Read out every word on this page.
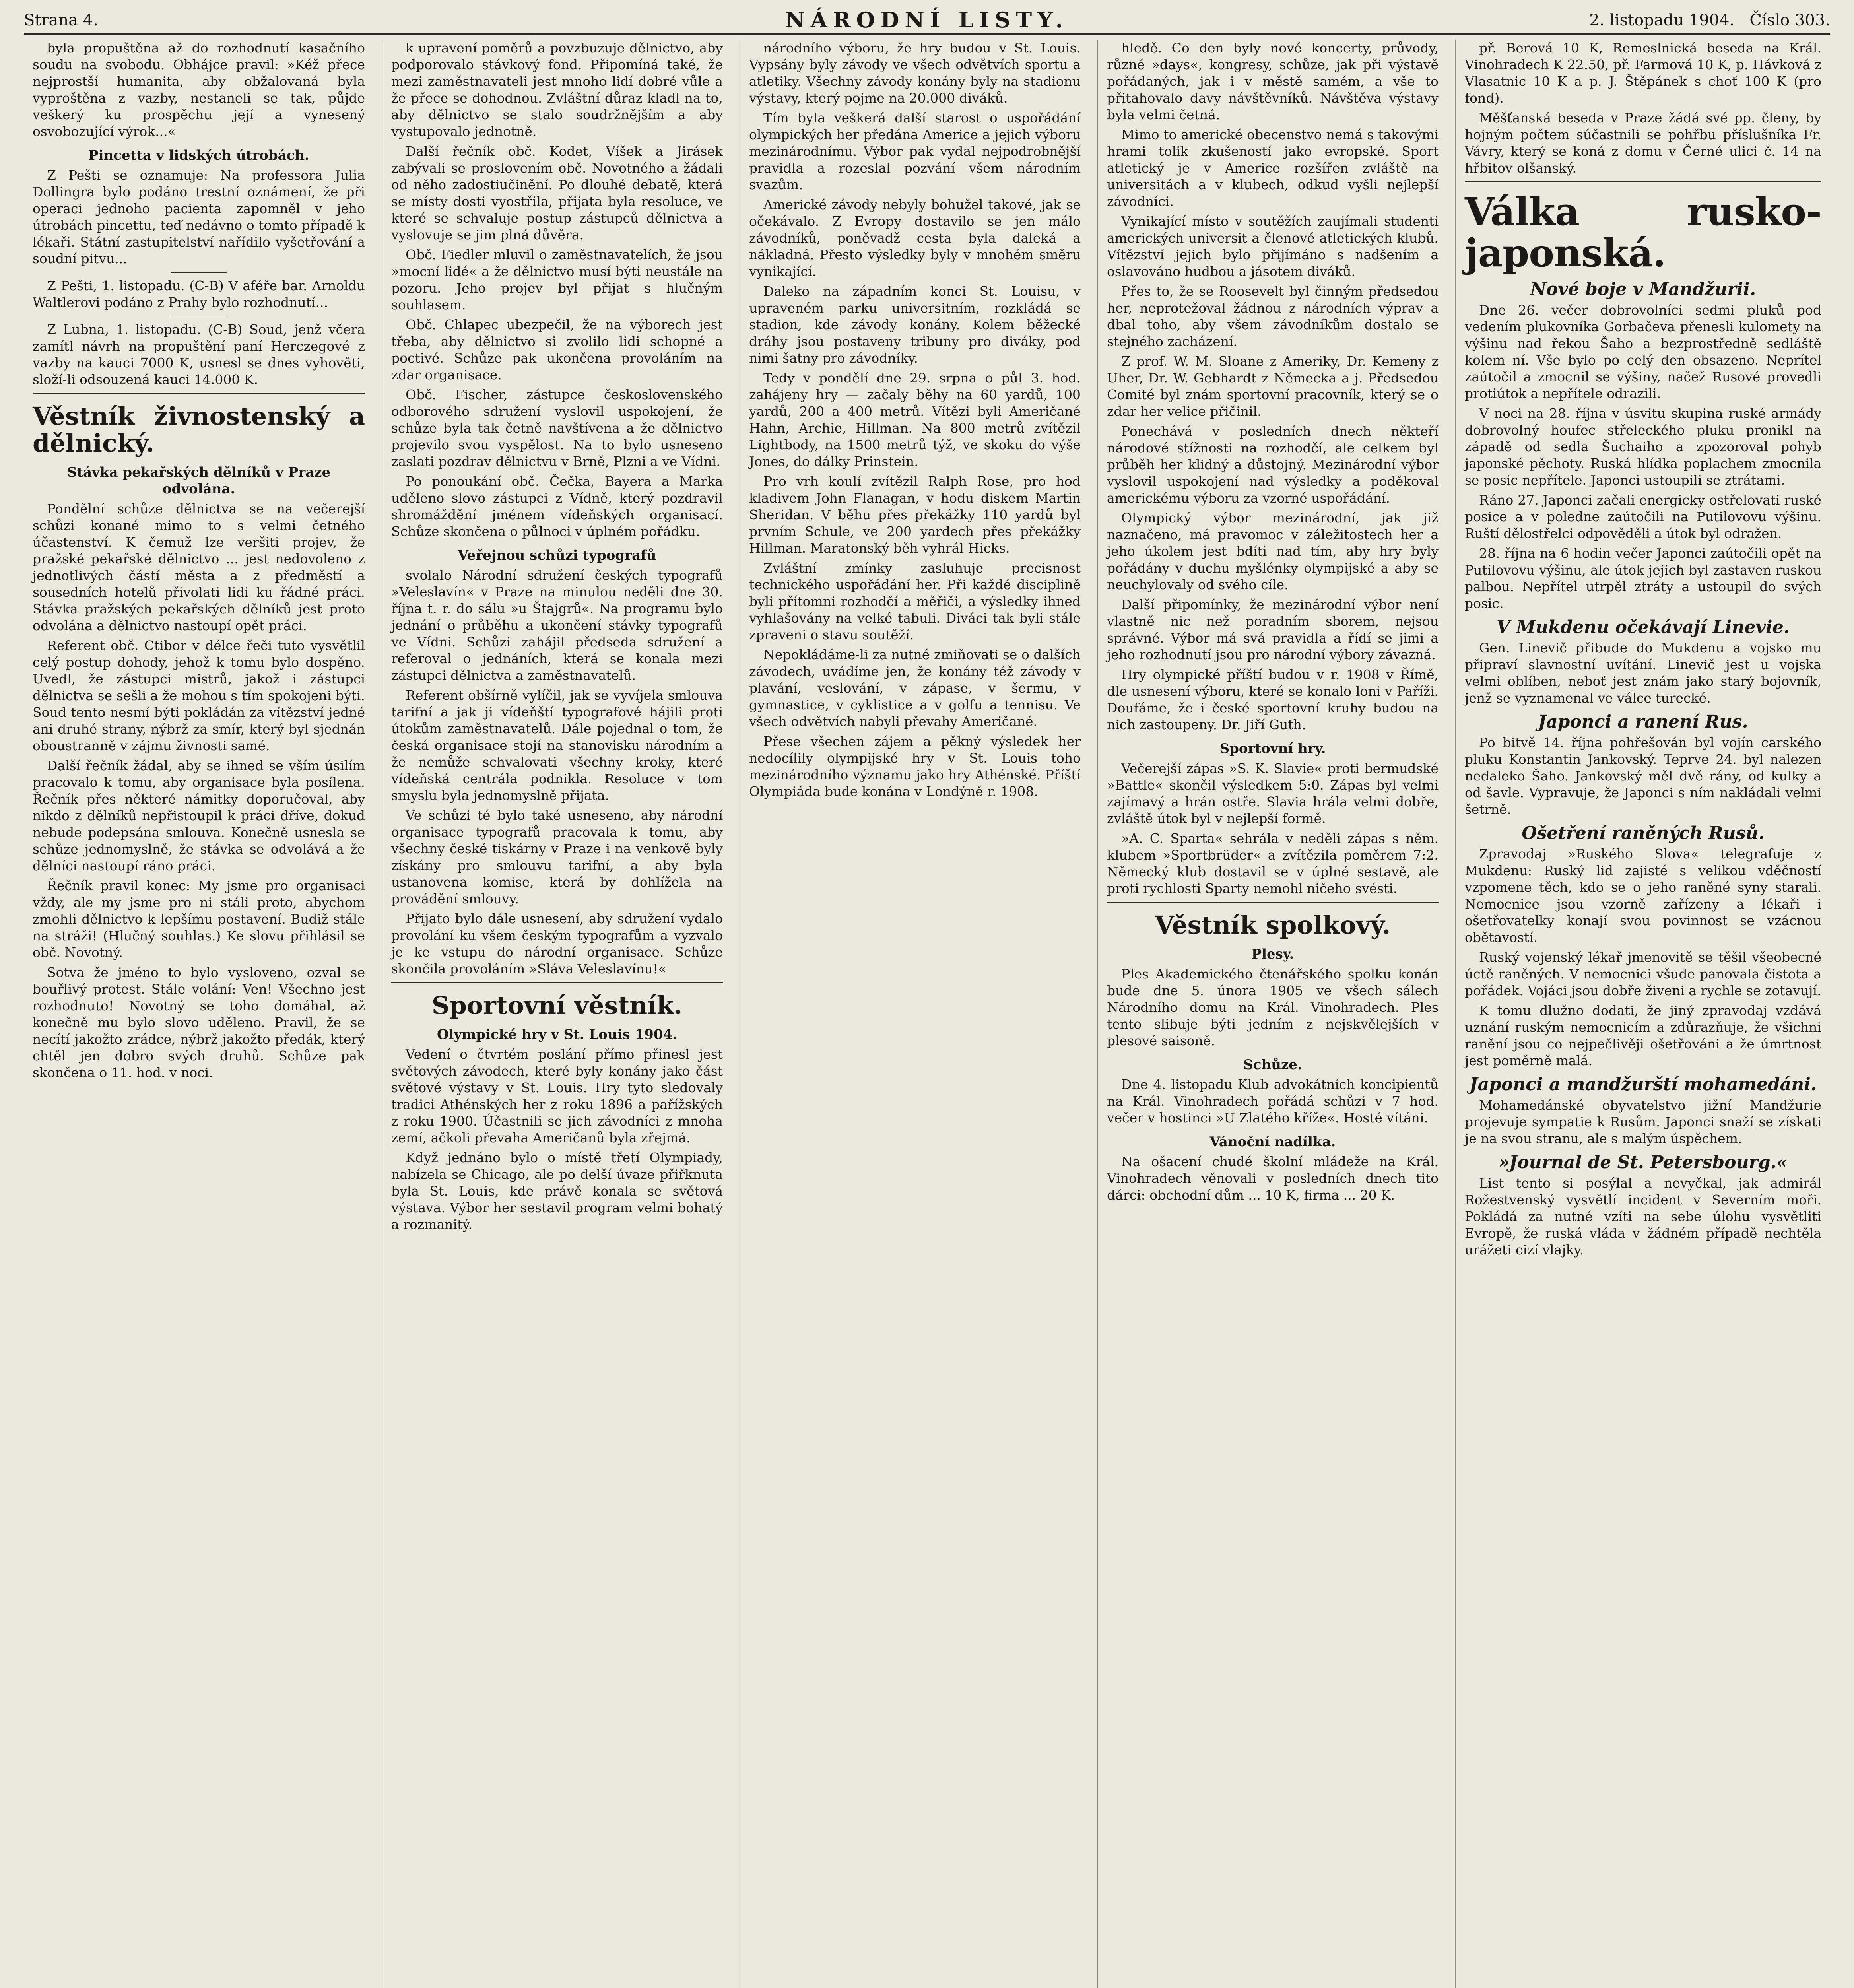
Strana 4.	NÁRODNÍ LISTY.	2. listopadu 1904. Číslo 303.

byla propuštěna až do rozhodnutí kasačního soudu na svobodu. Obhájce pravil: »Kéž přece nejprostší humanita, aby obžalovaná byla vyproštěna z vazby, nestaneli se tak, půjde veškerý ku prospěchu její a vynesený osvobozující výrok...«

Pincetta v lidských útrobách.

Z Pešti se oznamuje: Na professora Julia Dollingra bylo podáno trestní oznámení, že při operaci jednoho pacienta zapomněl v jeho útrobách pincettu, teď nedávno o tomto případě k lékaři. Státní zastupitelství nařídilo vyšetřování a soudní pitvu...

Z Pešti, 1. listopadu. (C-B) V aféře bar. Arnoldu Waltlerovi podáno z Prahy bylo rozhodnutí...

Z Lubna, 1. listopadu. (C-B) Soud, jenž včera zamítl návrh na propuštění paní Herczegové z vazby na kauci 7000 K, usnesl se dnes vyhověti, složí-li odsouzená kauci 14.000 K.

Věstník živnostenský a dělnický.
Stávka pekařských dělníků v Praze odvolána.

Pondělní schůze dělnictva se na večerejší schůzi konané mimo to s velmi četného účastenství. K čemuž lze veršiti projev, že pražské pekařské dělnictvo ... jest nedovoleno z jednotlivých částí města a z předměstí a sousedních hotelů přivolati lidi ku řádné práci. Stávka pražských pekařských dělníků jest proto odvolána a dělnictvo nastoupí opět práci.

Referent obč. Ctibor v délce řeči tuto vysvětlil celý postup dohody, jehož k tomu bylo dospěno. Uvedl, že zástupci mistrů, jakož i zástupci dělnictva se sešli a že mohou s tím spokojeni býti. Soud tento nesmí býti pokládán za vítězství jedné ani druhé strany, nýbrž za smír, který byl sjednán oboustranně v zájmu živnosti samé.

Další řečník žádal, aby se ihned se vším úsilím pracovalo k tomu, aby organisace byla posílena. Řečník přes některé námitky doporučoval, aby nikdo z dělníků nepřistoupil k práci dříve, dokud nebude podepsána smlouva. Konečně usnesla se schůze jednomyslně, že stávka se odvolává a že dělníci nastoupí ráno práci.

Řečník pravil konec: My jsme pro organisaci vždy, ale my jsme pro ni stáli proto, abychom zmohli dělnictvo k lepšímu postavení. Budiž stále na stráži! (Hlučný souhlas.) Ke slovu přihlásil se obč. Novotný.

Sotva že jméno to bylo vysloveno, ozval se bouřlivý protest. Stále volání: Ven! Všechno jest rozhodnuto! Novotný se toho domáhal, až konečně mu bylo slovo uděleno. Pravil, že se necítí jakožto zrádce, nýbrž jakožto předák, který chtěl jen dobro svých druhů. Schůze pak skončena o 11. hod. v noci.

k upravení poměrů a povzbuzuje dělnictvo, aby podporovalo stávkový fond. Připomíná také, že mezi zaměstnavateli jest mnoho lidí dobré vůle a že přece se dohodnou. Zvláštní důraz kladl na to, aby dělnictvo se stalo soudržnějším a aby vystupovalo jednotně.

Další řečník obč. Kodet, Víšek a Jirásek zabývali se proslovením obč. Novotného a žádali od něho zadostiučinění. Po dlouhé debatě, která se místy dosti vyostřila, přijata byla resoluce, ve které se schvaluje postup zástupců dělnictva a vyslovuje se jim plná důvěra.

Obč. Fiedler mluvil o zaměstnavatelích, že jsou »mocní lidé« a že dělnictvo musí býti neustále na pozoru. Jeho projev byl přijat s hlučným souhlasem.

Obč. Chlapec ubezpečil, že na výborech jest třeba, aby dělnictvo si zvolilo lidi schopné a poctivé. Schůze pak ukončena provoláním na zdar organisace.

Obč. Fischer, zástupce československého odborového sdružení vyslovil uspokojení, že schůze byla tak četně navštívena a že dělnictvo projevilo svou vyspělost. Na to bylo usneseno zaslati pozdrav dělnictvu v Brně, Plzni a ve Vídni.

Po ponoukání obč. Čečka, Bayera a Marka uděleno slovo zástupci z Vídně, který pozdravil shromáždění jménem vídeňských organisací. Schůze skončena o půlnoci v úplném pořádku.

Veřejnou schůzi typografů

svolalo Národní sdružení českých typografů »Veleslavín« v Praze na minulou neděli dne 30. října t. r. do sálu »u Štajgrů«. Na programu bylo jednání o průběhu a ukončení stávky typografů ve Vídni. Schůzi zahájil předseda sdružení a referoval o jednáních, která se konala mezi zástupci dělnictva a zaměstnavatelů.

Referent obšírně vylíčil, jak se vyvíjela smlouva tarifní a jak ji vídeňští typografové hájili proti útokům zaměstnavatelů. Dále pojednal o tom, že česká organisace stojí na stanovisku národním a že nemůže schvalovati všechny kroky, které vídeňská centrála podnikla. Resoluce v tom smyslu byla jednomyslně přijata.

Ve schůzi té bylo také usneseno, aby národní organisace typografů pracovala k tomu, aby všechny české tiskárny v Praze i na venkově byly získány pro smlouvu tarifní, a aby byla ustanovena komise, která by dohlížela na provádění smlouvy.

Přijato bylo dále usnesení, aby sdružení vydalo provolání ku všem českým typografům a vyzvalo je ke vstupu do národní organisace. Schůze skončila provoláním »Sláva Veleslavínu!«

Sportovní věstník.
Olympické hry v St. Louis 1904.

Vedení o čtvrtém poslání přímo přinesl jest světových závodech, které byly konány jako část světové výstavy v St. Louis. Hry tyto sledovaly tradici Athénských her z roku 1896 a pařížských z roku 1900. Účastnili se jich závodníci z mnoha zemí, ačkoli převaha Američanů byla zřejmá.

Když jednáno bylo o místě třetí Olympiady, nabízela se Chicago, ale po delší úvaze přiřknuta byla St. Louis, kde právě konala se světová výstava. Výbor her sestavil program velmi bohatý a rozmanitý.

národního výboru, že hry budou v St. Louis. Vypsány byly závody ve všech odvětvích sportu a atletiky. Všechny závody konány byly na stadionu výstavy, který pojme na 20.000 diváků.

Tím byla veškerá další starost o uspořádání olympických her předána Americe a jejich výboru mezinárodnímu. Výbor pak vydal nejpodrobnější pravidla a rozeslal pozvání všem národním svazům.

Americké závody nebyly bohužel takové, jak se očekávalo. Z Evropy dostavilo se jen málo závodníků, poněvadž cesta byla daleká a nákladná. Přesto výsledky byly v mnohém směru vynikající.

Daleko na západním konci St. Louisu, v upraveném parku universitním, rozkládá se stadion, kde závody konány. Kolem běžecké dráhy jsou postaveny tribuny pro diváky, pod nimi šatny pro závodníky.

Tedy v pondělí dne 29. srpna o půl 3. hod. zahájeny hry — začaly běhy na 60 yardů, 100 yardů, 200 a 400 metrů. Vítězi byli Američané Hahn, Archie, Hillman. Na 800 metrů zvítězil Lightbody, na 1500 metrů týž, ve skoku do výše Jones, do dálky Prinstein.

Pro vrh koulí zvítězil Ralph Rose, pro hod kladivem John Flanagan, v hodu diskem Martin Sheridan. V běhu přes překážky 110 yardů byl prvním Schule, ve 200 yardech přes překážky Hillman. Maratonský běh vyhrál Hicks.

Zvláštní zmínky zasluhuje precisnost technického uspořádání her. Při každé disciplině byli přítomni rozhodčí a měřiči, a výsledky ihned vyhlašovány na velké tabuli. Diváci tak byli stále zpraveni o stavu soutěží.

Nepokládáme-li za nutné zmiňovati se o dalších závodech, uvádíme jen, že konány též závody v plavání, veslování, v zápase, v šermu, v gymnastice, v cyklistice a v golfu a tennisu. Ve všech odvětvích nabyli převahy Američané.

Přese všechen zájem a pěkný výsledek her nedocílily olympijské hry v St. Louis toho mezinárodního významu jako hry Athénské. Příští Olympiáda bude konána v Londýně r. 1908.

hledě. Co den byly nové koncerty, průvody, různé »days«, kongresy, schůze, jak při výstavě pořádaných, jak i v městě samém, a vše to přitahovalo davy návštěvníků. Návštěva výstavy byla velmi četná.

Mimo to americké obecenstvo nemá s takovými hrami tolik zkušeností jako evropské. Sport atletický je v Americe rozšířen zvláště na universitách a v klubech, odkud vyšli nejlepší závodníci.

Vynikající místo v soutěžích zaujímali studenti amerických universit a členové atletických klubů. Vítězství jejich bylo přijímáno s nadšením a oslavováno hudbou a jásotem diváků.

Přes to, že se Roosevelt byl činným předsedou her, neprotežoval žádnou z národních výprav a dbal toho, aby všem závodníkům dostalo se stejného zacházení.

Z prof. W. M. Sloane z Ameriky, Dr. Kemeny z Uher, Dr. W. Gebhardt z Německa a j. Předsedou Comité byl znám sportovní pracovník, který se o zdar her velice přičinil.

Ponechává v posledních dnech někteří národové stížnosti na rozhodčí, ale celkem byl průběh her klidný a důstojný. Mezinárodní výbor vyslovil uspokojení nad výsledky a poděkoval americkému výboru za vzorné uspořádání.

Olympický výbor mezinárodní, jak již naznačeno, má pravomoc v záležitostech her a jeho úkolem jest bdíti nad tím, aby hry byly pořádány v duchu myšlénky olympijské a aby se neuchylovaly od svého cíle.

Další připomínky, že mezinárodní výbor není vlastně nic než poradním sborem, nejsou správné. Výbor má svá pravidla a řídí se jimi a jeho rozhodnutí jsou pro národní výbory závazná.

Hry olympické příští budou v r. 1908 v Římě, dle usnesení výboru, které se konalo loni v Paříži. Doufáme, že i české sportovní kruhy budou na nich zastoupeny. Dr. Jiří Guth.

Sportovní hry.

Večerejší zápas »S. K. Slavie« proti bermudské »Battle« skončil výsledkem 5:0. Zápas byl velmi zajímavý a hrán ostře. Slavia hrála velmi dobře, zvláště útok byl v nejlepší formě.

»A. C. Sparta« sehrála v neděli zápas s něm. klubem »Sportbrüder« a zvítězila poměrem 7:2. Německý klub dostavil se v úplné sestavě, ale proti rychlosti Sparty nemohl ničeho svésti.

Věstník spolkový.
Plesy.

Ples Akademického čtenářského spolku konán bude dne 5. února 1905 ve všech sálech Národního domu na Král. Vinohradech. Ples tento slibuje býti jedním z nejskvělejších v plesové saisoně.

Schůze.

Dne 4. listopadu Klub advokátních koncipientů na Král. Vinohradech pořádá schůzi v 7 hod. večer v hostinci »U Zlatého kříže«. Hosté vítáni.

Vánoční nadílka.

Na ošacení chudé školní mládeže na Král. Vinohradech věnovali v posledních dnech tito dárci: obchodní dům ... 10 K, firma ... 20 K.

př. Berová 10 K, Remeslnická beseda na Král. Vinohradech K 22.50, př. Farmová 10 K, p. Hávková z Vlasatnic 10 K a p. J. Štěpánek s choť 100 K (pro fond).

Měšťanská beseda v Praze žádá své pp. členy, by hojným počtem súčastnili se pohřbu příslušníka Fr. Vávry, který se koná z domu v Černé ulici č. 14 na hřbitov olšanský.

Válka rusko-japonská.
Nové boje v Mandžurii.

Dne 26. večer dobrovolníci sedmi pluků pod vedením plukovníka Gorbačeva přenesli kulomety na výšinu nad řekou Šaho a bezprostředně sedláště kolem ní. Vše bylo po celý den obsazeno. Neprítel zaútočil a zmocnil se výšiny, načež Rusové provedli protiútok a nepřítele odrazili.

V noci na 28. října v úsvitu skupina ruské armády dobrovolný houfec střeleckého pluku pronikl na západě od sedla Šuchaiho a zpozoroval pohyb japonské pěchoty. Ruská hlídka poplachem zmocnila se posic nepřítele. Japonci ustoupili se ztrátami.

Ráno 27. Japonci začali energicky ostřelovati ruské posice a v poledne zaútočili na Putilovovu výšinu. Ruští dělostřelci odpověděli a útok byl odražen.

28. října na 6 hodin večer Japonci zaútočili opět na Putilovovu výšinu, ale útok jejich byl zastaven ruskou palbou. Nepřítel utrpěl ztráty a ustoupil do svých posic.

V Mukdenu očekávají Linevie.

Gen. Linevič přibude do Mukdenu a vojsko mu připraví slavnostní uvítání. Linevič jest u vojska velmi oblíben, neboť jest znám jako starý bojovník, jenž se vyznamenal ve válce turecké.

Japonci a ranení Rus.

Po bitvě 14. října pohřešován byl vojín carského pluku Konstantin Jankovský. Teprve 24. byl nalezen nedaleko Šaho. Jankovský měl dvě rány, od kulky a od šavle. Vypravuje, že Japonci s ním nakládali velmi šetrně.

Ošetření raněných Rusů.

Zpravodaj »Ruského Slova« telegrafuje z Mukdenu: Ruský lid zajisté s velikou vděčností vzpomene těch, kdo se o jeho raněné syny starali. Nemocnice jsou vzorně zařízeny a lékaři i ošetřovatelky konají svou povinnost se vzácnou obětavostí.

Ruský vojenský lékař jmenovitě se těšil všeobecné úctě raněných. V nemocnici všude panovala čistota a pořádek. Vojáci jsou dobře živeni a rychle se zotavují.

K tomu dlužno dodati, že jiný zpravodaj vzdává uznání ruským nemocnicím a zdůrazňuje, že všichni ranění jsou co nejpečlivěji ošetřováni a že úmrtnost jest poměrně malá.

Japonci a mandžurští mohamedáni.

Mohamedánské obyvatelstvo jižní Mandžurie projevuje sympatie k Rusům. Japonci snaží se získati je na svou stranu, ale s malým úspěchem.

»Journal de St. Petersbourg.«

List tento si posýlal a nevyčkal, jak admirál Rožestvenský vysvětlí incident v Severním moři. Pokládá za nutné vzíti na sebe úlohu vysvětliti Evropě, že ruská vláda v žádném případě nechtěla urážeti cizí vlajky.
